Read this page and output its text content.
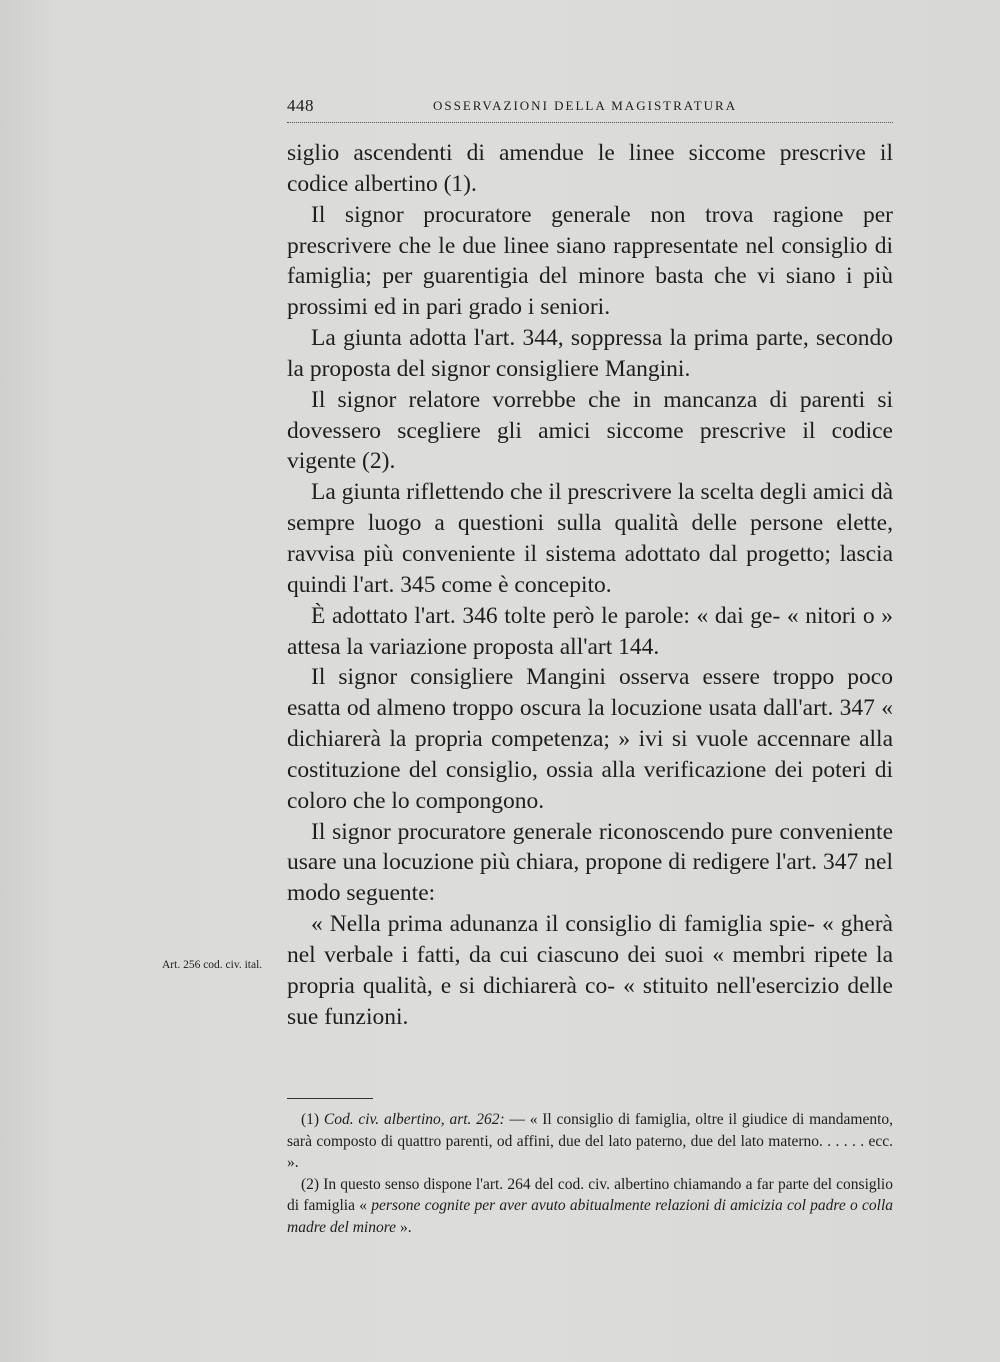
448	OSSERVAZIONI DELLA MAGISTRATURA

siglio ascendenti di amendue le linee siccome prescrive il codice albertino (1).

Il signor procuratore generale non trova ragione per prescrivere che le due linee siano rappresentate nel consiglio di famiglia; per guarentigia del minore basta che vi siano i più prossimi ed in pari grado i seniori.

La giunta adotta l'art. 344, soppressa la prima parte, secondo la proposta del signor consigliere Mangini.

Il signor relatore vorrebbe che in mancanza di parenti si dovessero scegliere gli amici siccome prescrive il codice vigente (2).

La giunta riflettendo che il prescrivere la scelta degli amici dà sempre luogo a questioni sulla qualità delle persone elette, ravvisa più conveniente il sistema adottato dal progetto; lascia quindi l'art. 345 come è concepito.

È adottato l'art. 346 tolte però le parole: « dai ge- « nitori o » attesa la variazione proposta all'art 144.

Il signor consigliere Mangini osserva essere troppo poco esatta od almeno troppo oscura la locuzione usata dall'art. 347 « dichiarerà la propria competenza; » ivi si vuole accennare alla costituzione del consiglio, ossia alla verificazione dei poteri di coloro che lo compongono.

Il signor procuratore generale riconoscendo pure conveniente usare una locuzione più chiara, propone di redigere l'art. 347 nel modo seguente:

« Nella prima adunanza il consiglio di famiglia spie- « gherà nel verbale i fatti, da cui ciascuno dei suoi « membri ripete la propria qualità, e si dichiarerà co- « stituito nell'esercizio delle sue funzioni.

Art. 256 cod. civ. ital.

(1) Cod. civ. albertino, art. 262: — « Il consiglio di famiglia, oltre il giudice di mandamento, sarà composto di quattro parenti, od affini, due del lato paterno, due del lato materno. . . . . . ecc. ».

(2) In questo senso dispone l'art. 264 del cod. civ. albertino chiamando a far parte del consiglio di famiglia « persone cognite per aver avuto abitualmente relazioni di amicizia col padre o colla madre del minore ».
